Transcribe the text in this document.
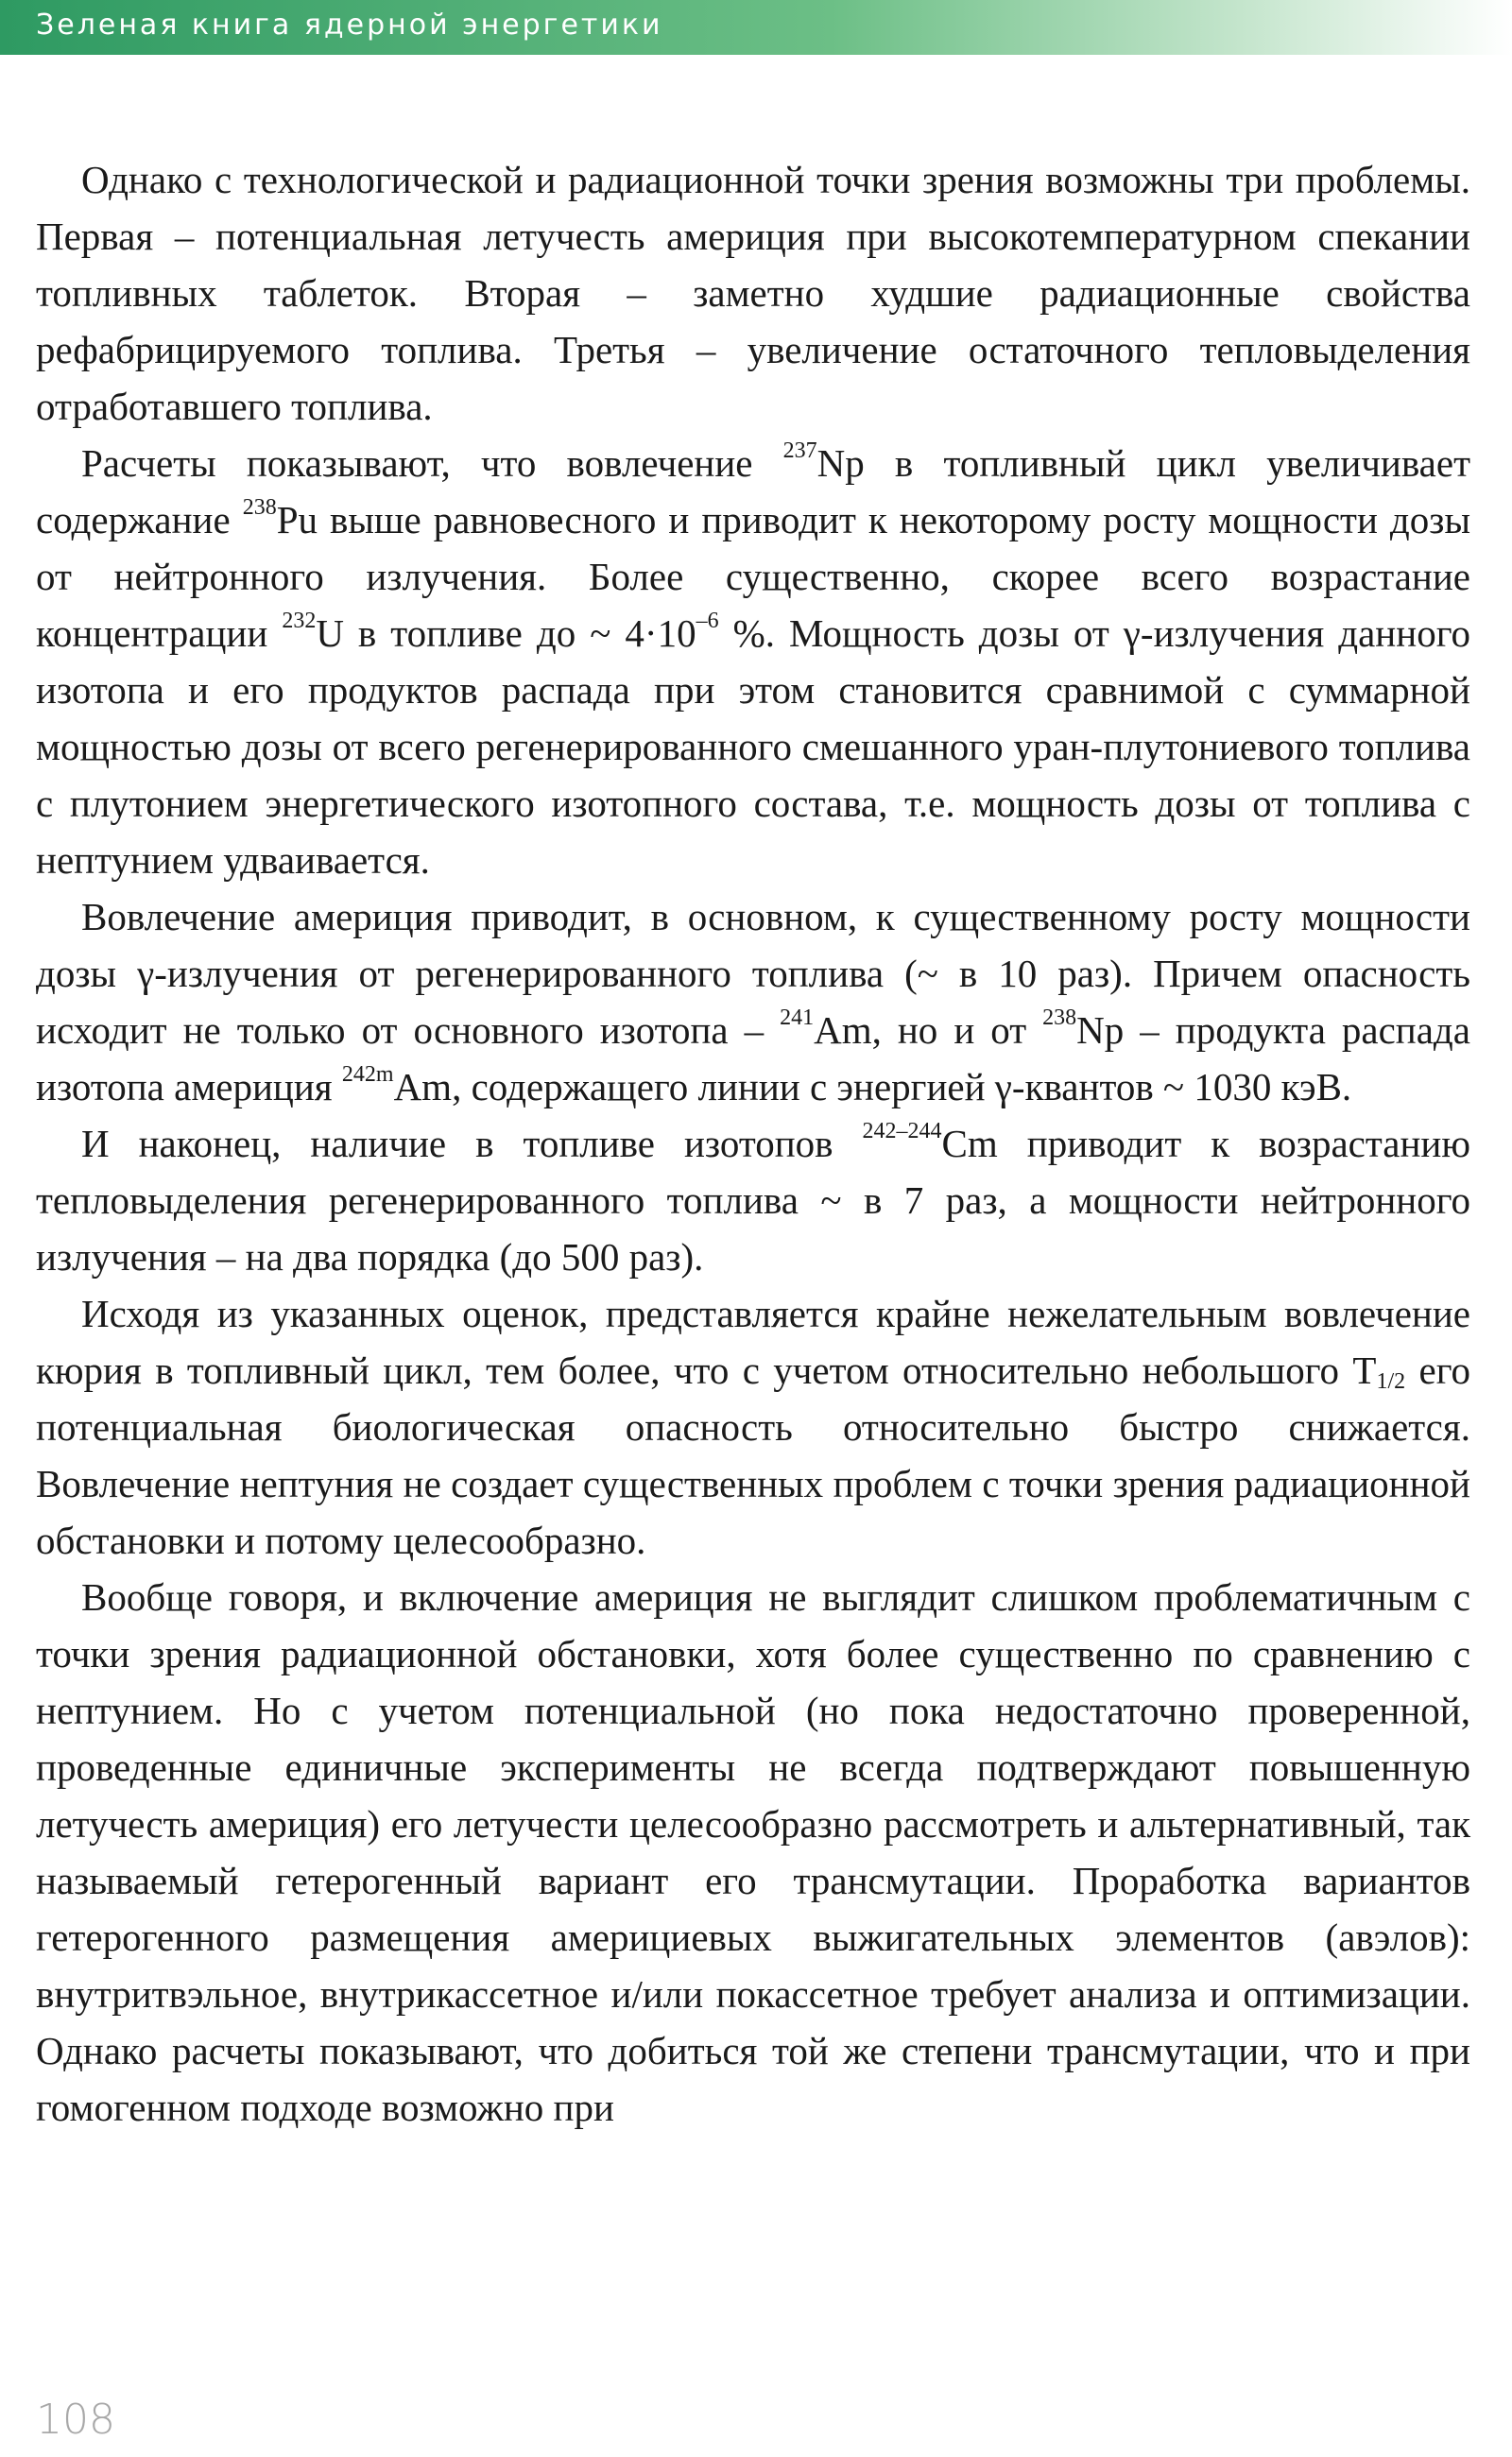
Зеленая книга ядерной энергетики

Однако с технологической и радиационной точки зрения возможны три проблемы. Первая – потенциальная летучесть америция при высокотемпературном спекании топливных таблеток. Вторая – заметно худшие радиационные свойства рефабрицируемого топлива. Третья – увеличение остаточного тепловыделения отработавшего топлива.

Расчеты показывают, что вовлечение $^{237}$Np в топливный цикл увеличивает содержание $^{238}$Pu выше равновесного и приводит к некоторому росту мощности дозы от нейтронного излучения. Более существенно, скорее всего возрастание концентрации $^{232}$U в топливе до ~ $4\cdot 10^{-6}$ %. Мощность дозы от γ-излучения данного изотопа и его продуктов распада при этом становится сравнимой с суммарной мощностью дозы от всего регенерированного смешанного уран-плутониевого топлива с плутонием энергетического изотопного состава, т.е. мощность дозы от топлива с нептунием удваивается.

Вовлечение америция приводит, в основном, к существенному росту мощности дозы γ-излучения от регенерированного топлива (~ в 10 раз). Причем опасность исходит не только от основного изотопа – $^{241}$Am, но и от $^{238}$Np – продукта распада изотопа америция $^{242m}$Am, содержащего линии с энергией γ-квантов ~ 1030 кэВ.

И наконец, наличие в топливе изотопов $^{242-244}$Cm приводит к возрастанию тепловыделения регенерированного топлива ~ в 7 раз, а мощности нейтронного излучения – на два порядка (до 500 раз).

Исходя из указанных оценок, представляется крайне нежелательным вовлечение кюрия в топливный цикл, тем более, что с учетом относительно небольшого $T_{1/2}$ его потенциальная биологическая опасность относительно быстро снижается. Вовлечение нептуния не создает существенных проблем с точки зрения радиационной обстановки и потому целесообразно.

Вообще говоря, и включение америция не выглядит слишком проблематичным с точки зрения радиационной обстановки, хотя более существенно по сравнению с нептунием. Но с учетом потенциальной (но пока недостаточно проверенной, проведенные единичные эксперименты не всегда подтверждают повышенную летучесть америция) его летучести целесообразно рассмотреть и альтернативный, так называемый гетерогенный вариант его трансмутации. Проработка вариантов гетерогенного размещения америциевых выжигательных элементов (авэлов): внутритвэльное, внутрикассетное и/или покассетное требует анализа и оптимизации. Однако расчеты показывают, что добиться той же степени трансмутации, что и при гомогенном подходе возможно при

108
